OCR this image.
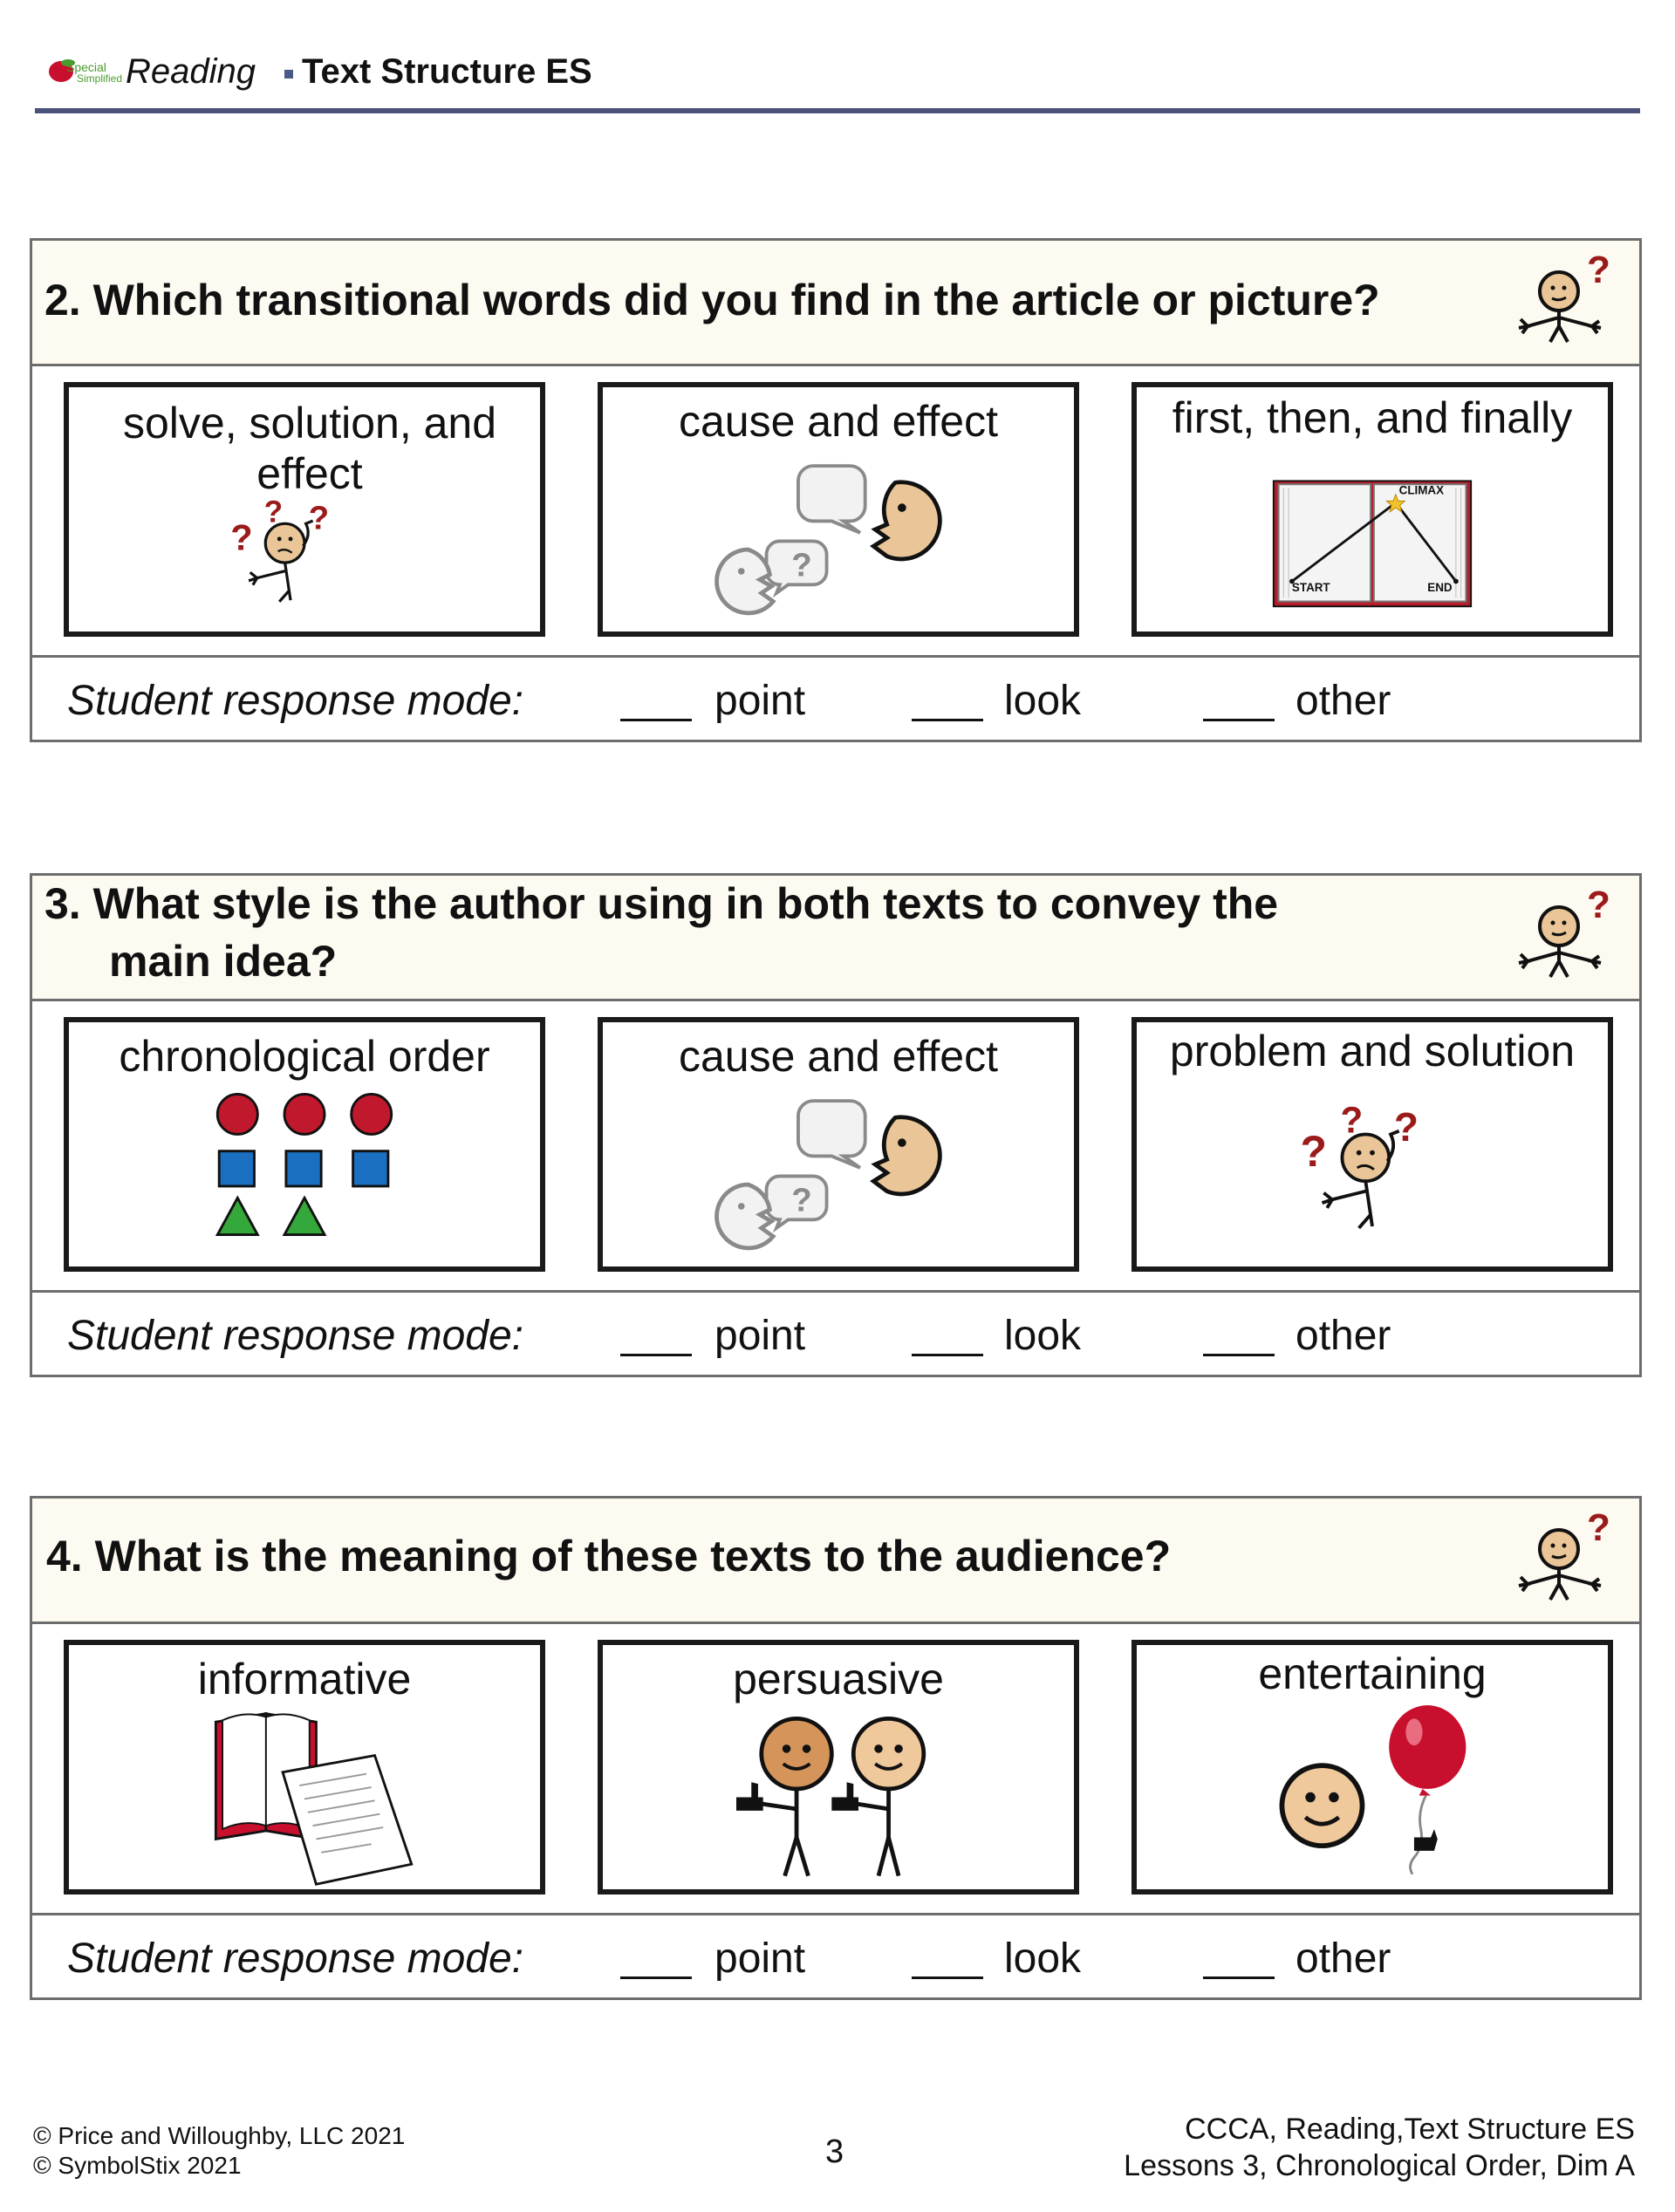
Special
Simplified Reading Text Structure ES
2. Which transitional words did you find in the article or picture?
solve, solution, and effect
cause and effect	first, then, and finally
CLIMAX
START	END
Student response mode:	point	look	other
3. What style is the author using in both texts to convey the
main idea?
chronological order	cause and effect	problem and solution
Student response mode:	point	look	other
4. What is the meaning of these texts to the audience?
informative	persuasive	entertaining
Student response mode:	point	look	other
© Price and Willoughby, LLC 2021
© SymbolStix 2021	3
CCCA, Reading,Text Structure ES
Lessons 3, Chronological Order, Dim A
